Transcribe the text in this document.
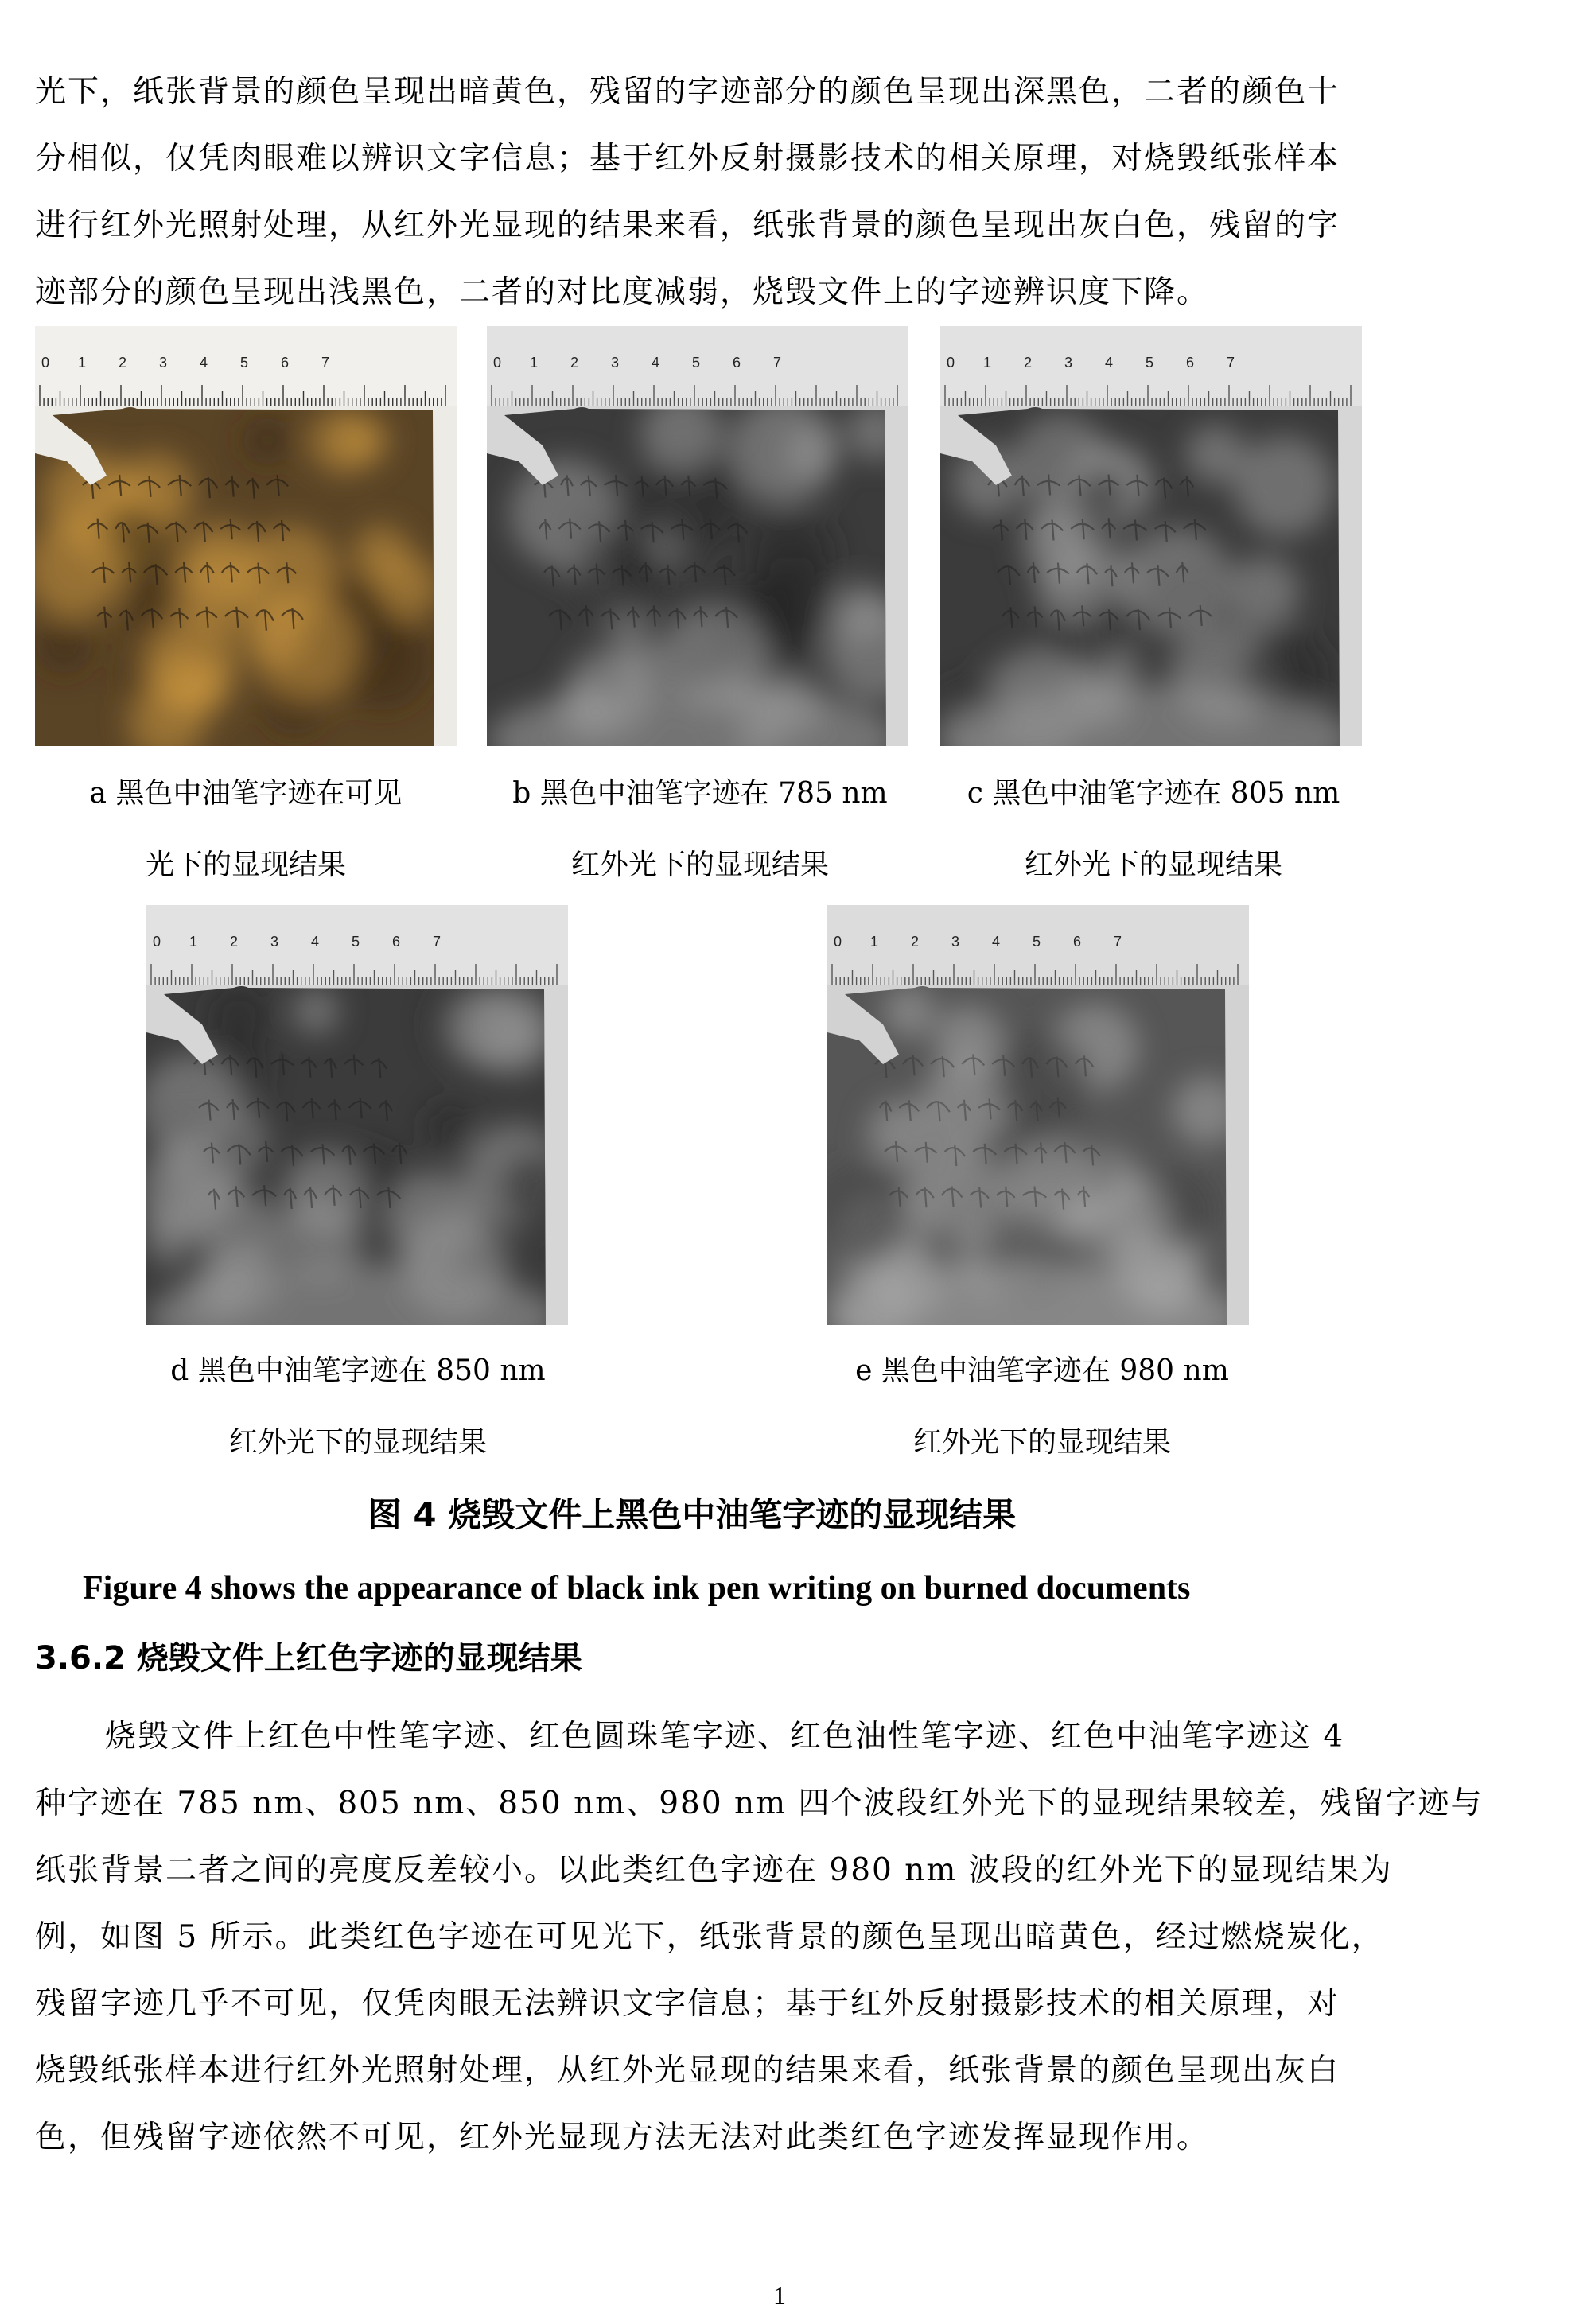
光下，纸张背景的颜色呈现出暗黄色，残留的字迹部分的颜色呈现出深黑色，二者的颜色十
分相似，仅凭肉眼难以辨识文字信息；基于红外反射摄影技术的相关原理，对烧毁纸张样本
进行红外光照射处理，从红外光显现的结果来看，纸张背景的颜色呈现出灰白色，残留的字
迹部分的颜色呈现出浅黑色，二者的对比度减弱，烧毁文件上的字迹辨识度下降。
0 1 2 3 4 5 6 7	0 1 2 3 4 5 6 7	0 1 2 3 4 5 6 7
0 1 2 3 4 5 6 7	0 1 2 3 4 5 6 7
a 黑色中油笔字迹在可见
光下的显现结果
b 黑色中油笔字迹在 785 nm
红外光下的显现结果
c 黑色中油笔字迹在 805 nm
红外光下的显现结果
d 黑色中油笔字迹在 850 nm
红外光下的显现结果
e 黑色中油笔字迹在 980 nm
红外光下的显现结果
图 4 烧毁文件上黑色中油笔字迹的显现结果
Figure 4 shows the appearance of black ink pen writing on burned documents
3.6.2 烧毁文件上红色字迹的显现结果
烧毁文件上红色中性笔字迹、红色圆珠笔字迹、红色油性笔字迹、红色中油笔字迹这 4
种字迹在 785 nm、805 nm、850 nm、980 nm 四个波段红外光下的显现结果较差，残留字迹与
纸张背景二者之间的亮度反差较小。以此类红色字迹在 980 nm 波段的红外光下的显现结果为
例，如图 5 所示。此类红色字迹在可见光下，纸张背景的颜色呈现出暗黄色，经过燃烧炭化，
残留字迹几乎不可见，仅凭肉眼无法辨识文字信息；基于红外反射摄影技术的相关原理，对
烧毁纸张样本进行红外光照射处理，从红外光显现的结果来看，纸张背景的颜色呈现出灰白
色，但残留字迹依然不可见，红外光显现方法无法对此类红色字迹发挥显现作用。
1
